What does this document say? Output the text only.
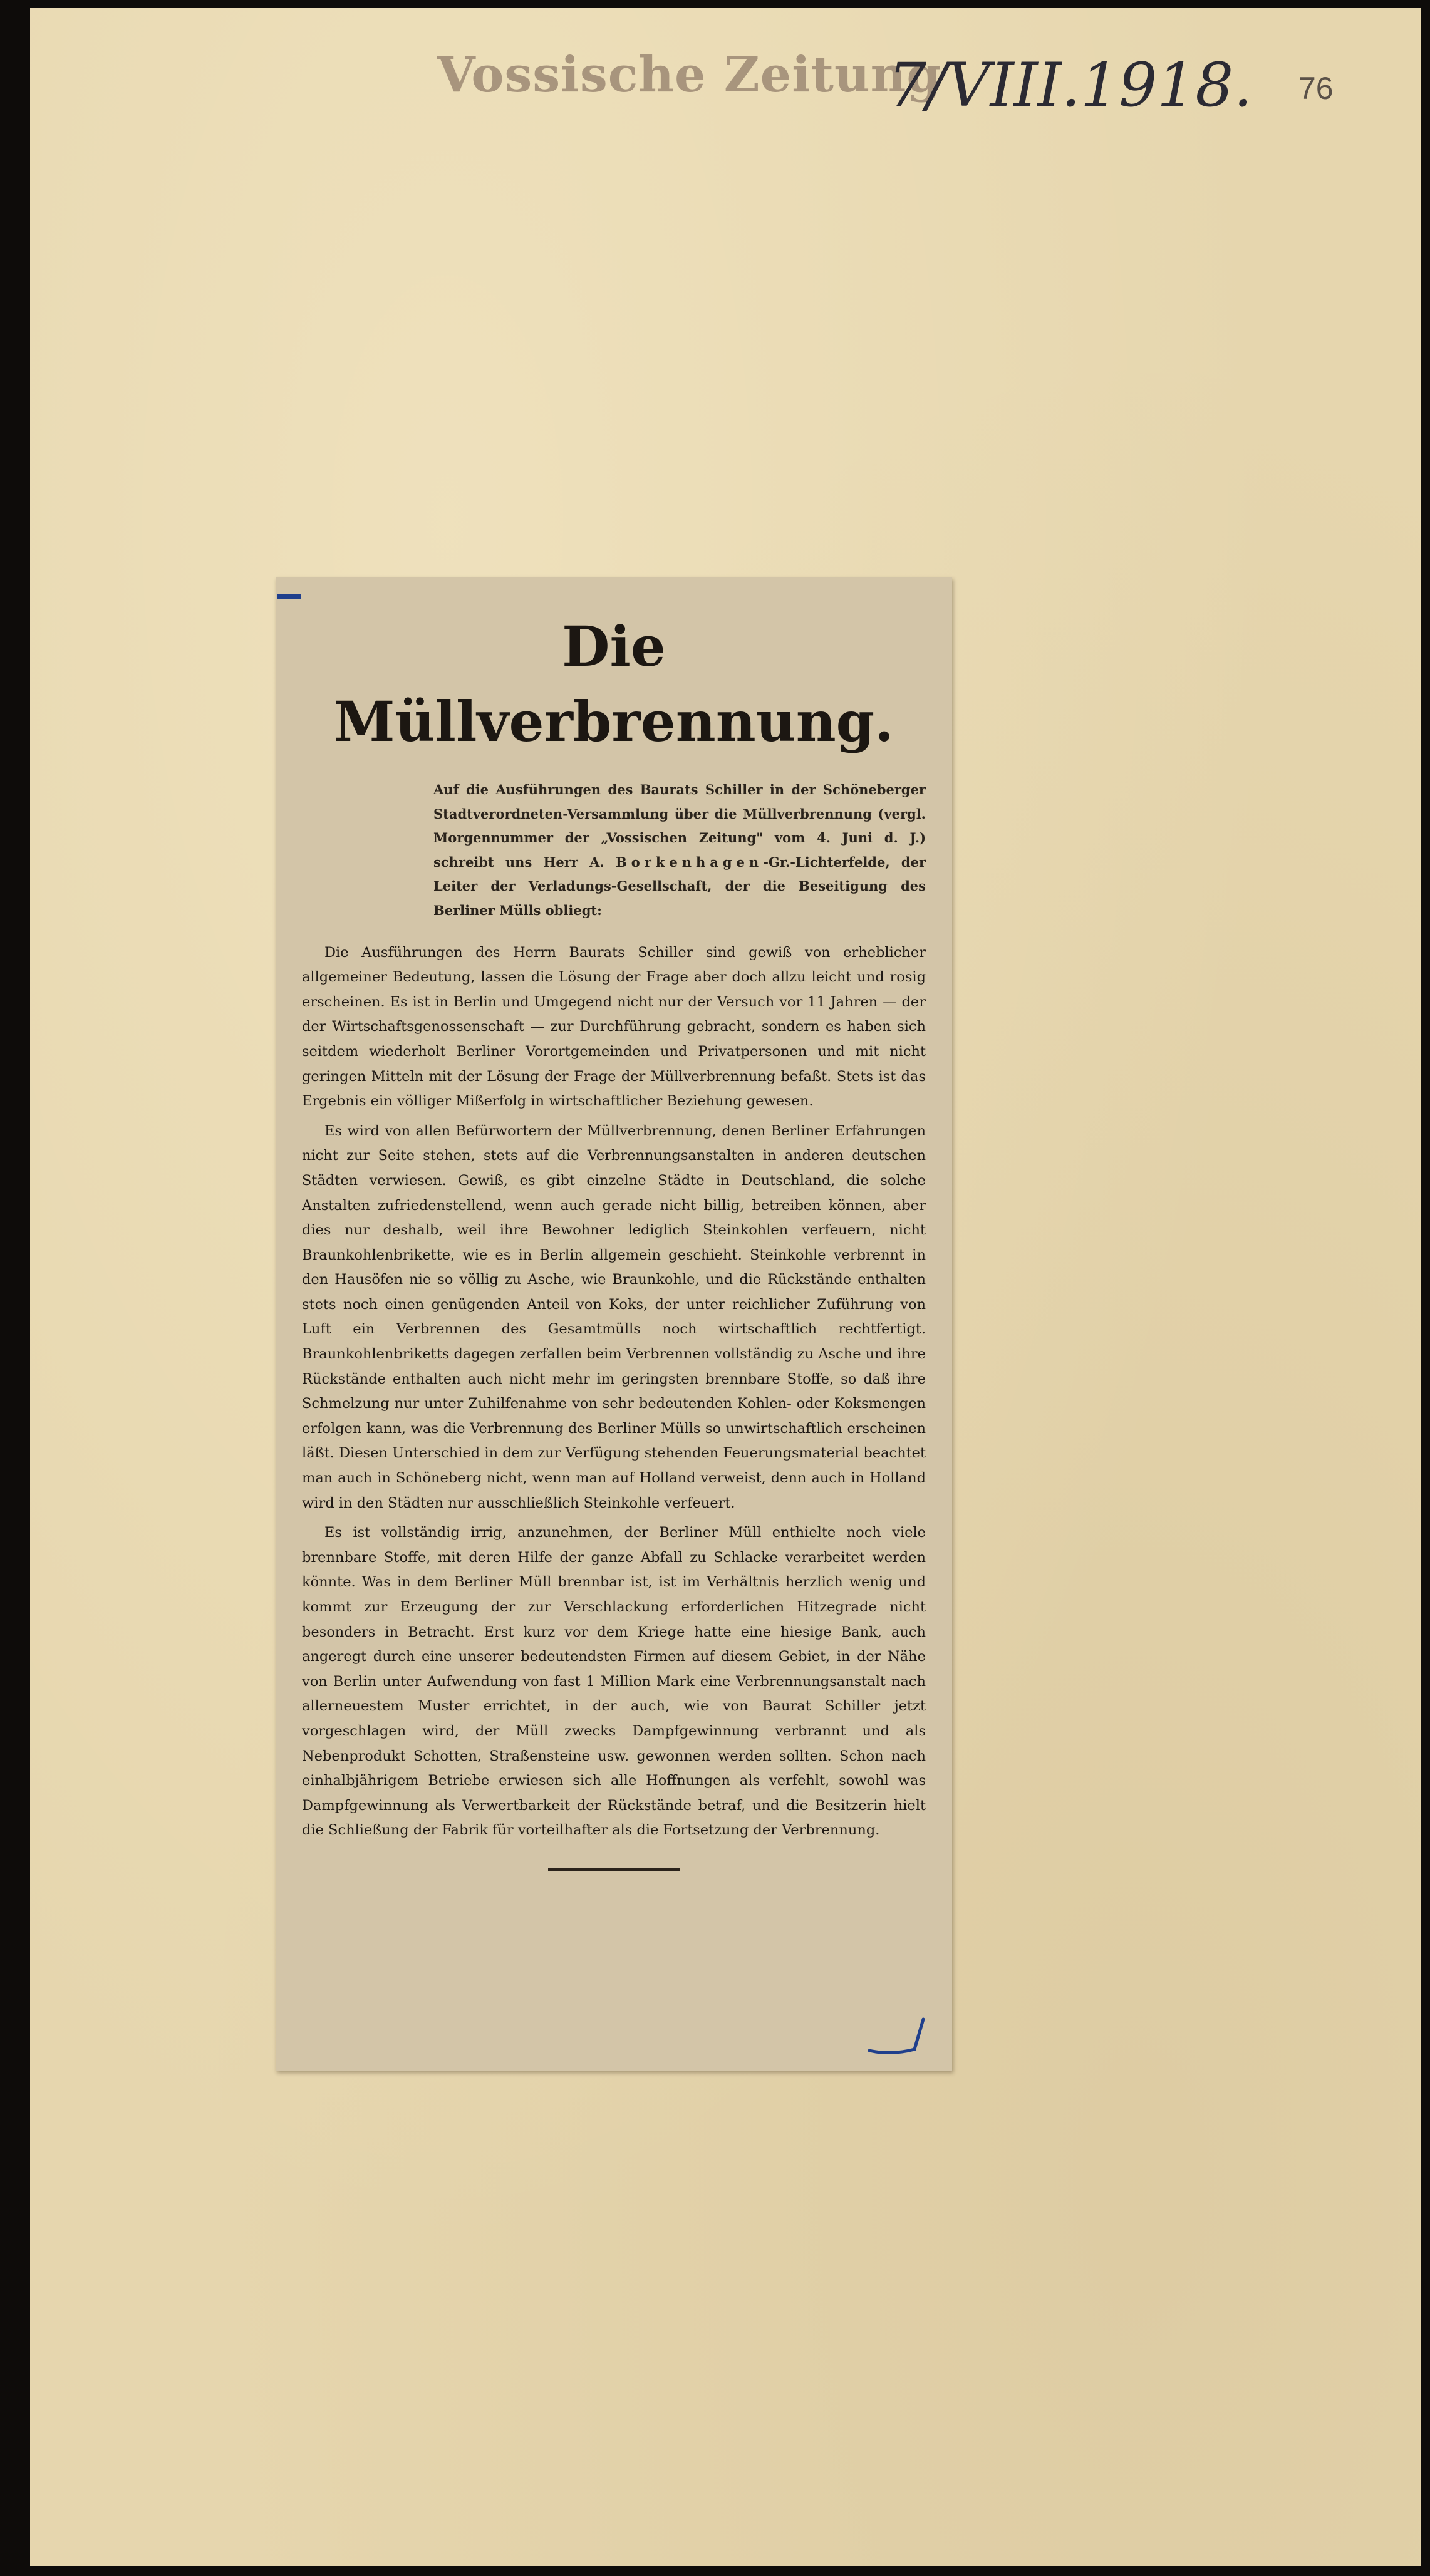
Vossische Zeitung
7/VIII.1918. 76
Die Müllverbrennung.

Auf die Ausführungen des Baurats Schiller in der Schöneberger Stadtverordneten-Versammlung über die Müllverbrennung (vergl. Morgennummer der „Vossischen Zeitung" vom 4. Juni d. J.) schreibt uns Herr A. Borkenhagen-Gr.-Lichterfelde, der Leiter der Verladungs-Gesellschaft, der die Beseitigung des Berliner Mülls obliegt:

Die Ausführungen des Herrn Baurats Schiller sind gewiß von erheblicher allgemeiner Bedeutung, lassen die Lösung der Frage aber doch allzu leicht und rosig erscheinen. Es ist in Berlin und Umgegend nicht nur der Versuch vor 11 Jahren — der der Wirtschaftsgenossenschaft — zur Durchführung gebracht, sondern es haben sich seitdem wiederholt Berliner Vorortgemeinden und Privatpersonen und mit nicht geringen Mitteln mit der Lösung der Frage der Müllverbrennung befaßt. Stets ist das Ergebnis ein völliger Mißerfolg in wirtschaftlicher Beziehung gewesen.

Es wird von allen Befürwortern der Müllverbrennung, denen Berliner Erfahrungen nicht zur Seite stehen, stets auf die Verbrennungsanstalten in anderen deutschen Städten verwiesen. Gewiß, es gibt einzelne Städte in Deutschland, die solche Anstalten zufriedenstellend, wenn auch gerade nicht billig, betreiben können, aber dies nur deshalb, weil ihre Bewohner lediglich Steinkohlen verfeuern, nicht Braunkohlenbrikette, wie es in Berlin allgemein geschieht. Steinkohle verbrennt in den Hausöfen nie so völlig zu Asche, wie Braunkohle, und die Rückstände enthalten stets noch einen genügenden Anteil von Koks, der unter reichlicher Zuführung von Luft ein Verbrennen des Gesamtmülls noch wirtschaftlich rechtfertigt. Braunkohlenbriketts dagegen zerfallen beim Verbrennen vollständig zu Asche und ihre Rückstände enthalten auch nicht mehr im geringsten brennbare Stoffe, so daß ihre Schmelzung nur unter Zuhilfenahme von sehr bedeutenden Kohlen- oder Koksmengen erfolgen kann, was die Verbrennung des Berliner Mülls so unwirtschaftlich erscheinen läßt. Diesen Unterschied in dem zur Verfügung stehenden Feuerungsmaterial beachtet man auch in Schöneberg nicht, wenn man auf Holland verweist, denn auch in Holland wird in den Städten nur ausschließlich Steinkohle verfeuert.

Es ist vollständig irrig, anzunehmen, der Berliner Müll enthielte noch viele brennbare Stoffe, mit deren Hilfe der ganze Abfall zu Schlacke verarbeitet werden könnte. Was in dem Berliner Müll brennbar ist, ist im Verhältnis herzlich wenig und kommt zur Erzeugung der zur Verschlackung erforderlichen Hitzegrade nicht besonders in Betracht. Erst kurz vor dem Kriege hatte eine hiesige Bank, auch angeregt durch eine unserer bedeutendsten Firmen auf diesem Gebiet, in der Nähe von Berlin unter Aufwendung von fast 1 Million Mark eine Verbrennungsanstalt nach allerneuestem Muster errichtet, in der auch, wie von Baurat Schiller jetzt vorgeschlagen wird, der Müll zwecks Dampfgewinnung verbrannt und als Nebenprodukt Schotten, Straßensteine usw. gewonnen werden sollten. Schon nach einhalbjährigem Betriebe erwiesen sich alle Hoffnungen als verfehlt, sowohl was Dampfgewinnung als Verwertbarkeit der Rückstände betraf, und die Besitzerin hielt die Schließung der Fabrik für vorteilhafter als die Fortsetzung der Verbrennung.
